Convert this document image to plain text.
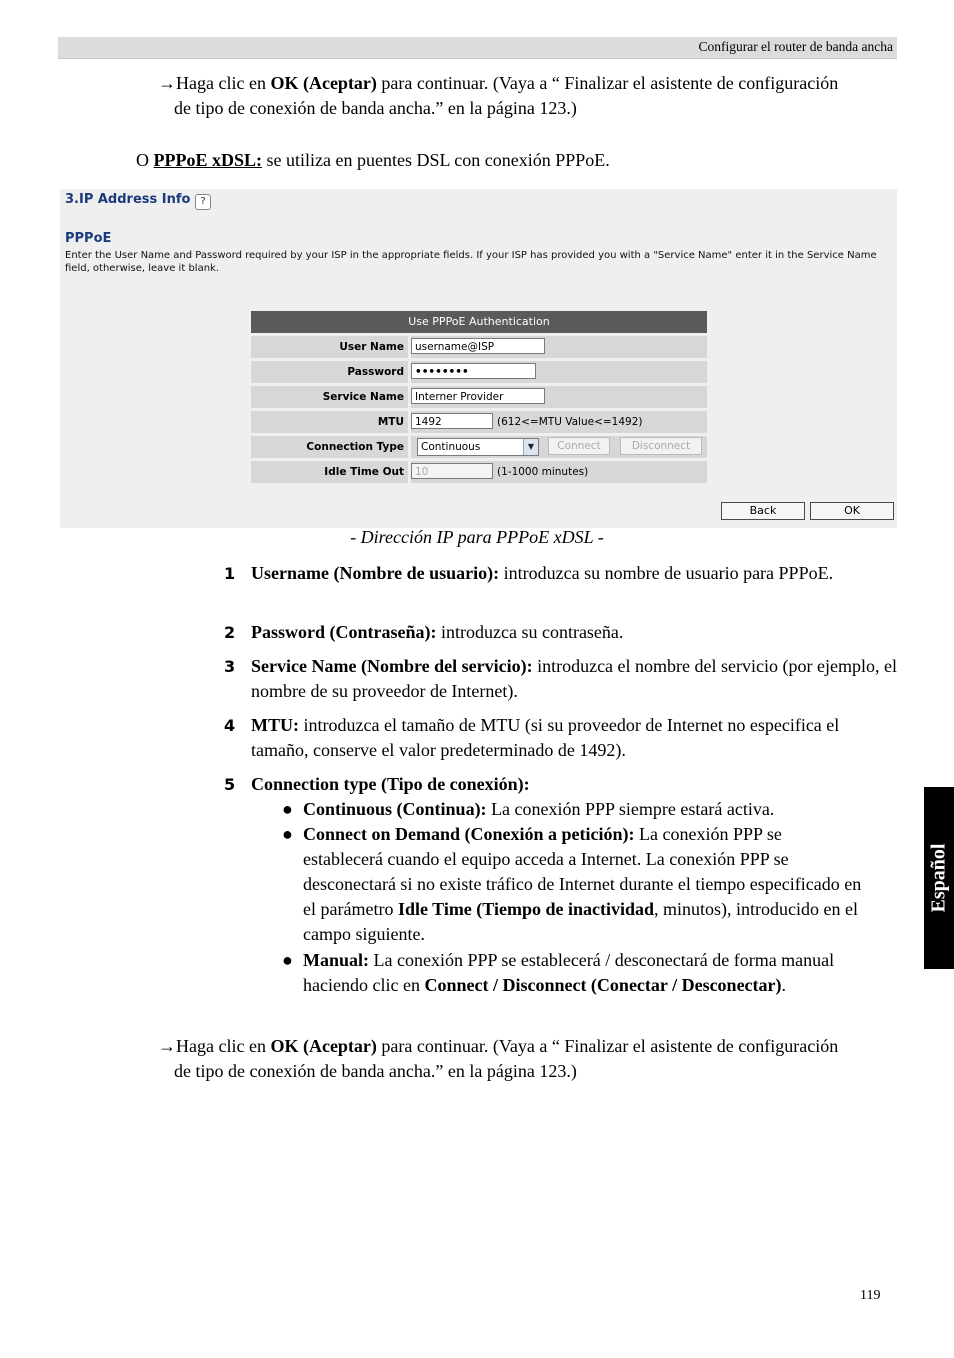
Configurar el router de banda ancha
→Haga clic en OK (Aceptar) para continuar. (Vaya a “ Finalizar el asistente de configuración de tipo de conexión de banda ancha.” en la página 123.)
O PPPoE xDSL: se utiliza en puentes DSL con conexión PPPoE.
3.IP Address Info ?
PPPoE
Enter the User Name and Password required by your ISP in the appropriate fields. If your ISP has provided you with a "Service Name" enter it in the Service Name field, otherwise, leave it blank.
Use PPPoE Authentication
User Name	username@ISP
Password	••••••••
Service Name	Interner Provider
MTU	1492	(612<=MTU Value<=1492)
Connection Type	Continuous	▼	Connect	Disconnect
Idle Time Out	10	(1-1000 minutes)
Back	OK
- Dirección IP para PPPoE xDSL -
1 Username (Nombre de usuario): introduzca su nombre de usuario para PPPoE.
2 Password (Contraseña): introduzca su contraseña.
3 Service Name (Nombre del servicio): introduzca el nombre del servicio (por ejemplo, el nombre de su proveedor de Internet).
4 MTU: introduzca el tamaño de MTU (si su proveedor de Internet no especifica el tamaño, conserve el valor predeterminado de 1492).
5 Connection type (Tipo de conexión):
● Continuous (Continua): La conexión PPP siempre estará activa.
● Connect on Demand (Conexión a petición): La conexión PPP se establecerá cuando el equipo acceda a Internet. La conexión PPP se desconectará si no existe tráfico de Internet durante el tiempo especificado en el parámetro Idle Time (Tiempo de inactividad, minutos), introducido en el campo siguiente.
● Manual: La conexión PPP se establecerá / desconectará de forma manual haciendo clic en Connect / Disconnect (Conectar / Desconectar).
→Haga clic en OK (Aceptar) para continuar. (Vaya a “ Finalizar el asistente de configuración de tipo de conexión de banda ancha.” en la página 123.)
Español
119
